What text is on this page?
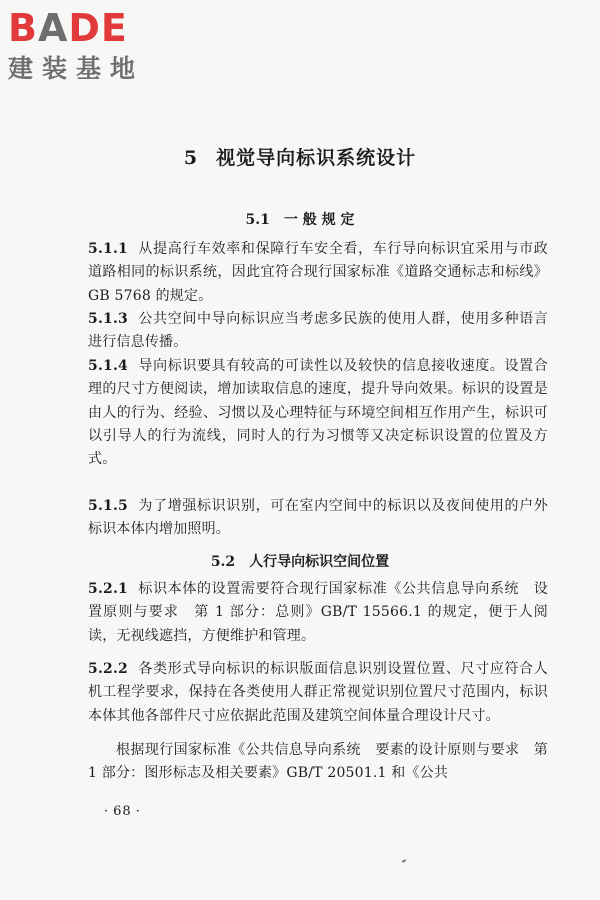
BADE
建装基地
5 视觉导向标识系统设计
5.1 一 般 规 定
5.1.1 从提高行车效率和保障行车安全看，车行导向标识宜采用与市政道路相同的标识系统，因此宜符合现行国家标准《道路交通标志和标线》GB 5768 的规定。
5.1.3 公共空间中导向标识应当考虑多民族的使用人群，使用多种语言进行信息传播。
5.1.4 导向标识要具有较高的可读性以及较快的信息接收速度。设置合理的尺寸方便阅读，增加读取信息的速度，提升导向效果。标识的设置是由人的行为、经验、习惯以及心理特征与环境空间相互作用产生，标识可以引导人的行为流线，同时人的行为习惯等又决定标识设置的位置及方式。
5.1.5 为了增强标识识别，可在室内空间中的标识以及夜间使用的户外标识本体内增加照明。
5.2 人行导向标识空间位置
5.2.1 标识本体的设置需要符合现行国家标准《公共信息导向系统　设置原则与要求　第 1 部分：总则》GB/T 15566.1 的规定，便于人阅读，无视线遮挡，方便维护和管理。
5.2.2 各类形式导向标识的标识版面信息识别设置位置、尺寸应符合人机工程学要求，保持在各类使用人群正常视觉识别位置尺寸范围内，标识本体其他各部件尺寸应依据此范围及建筑空间体量合理设计尺寸。
根据现行国家标准《公共信息导向系统　要素的设计原则与要求　第 1 部分：图形标志及相关要素》GB/T 20501.1 和《公共
· 68 ·
